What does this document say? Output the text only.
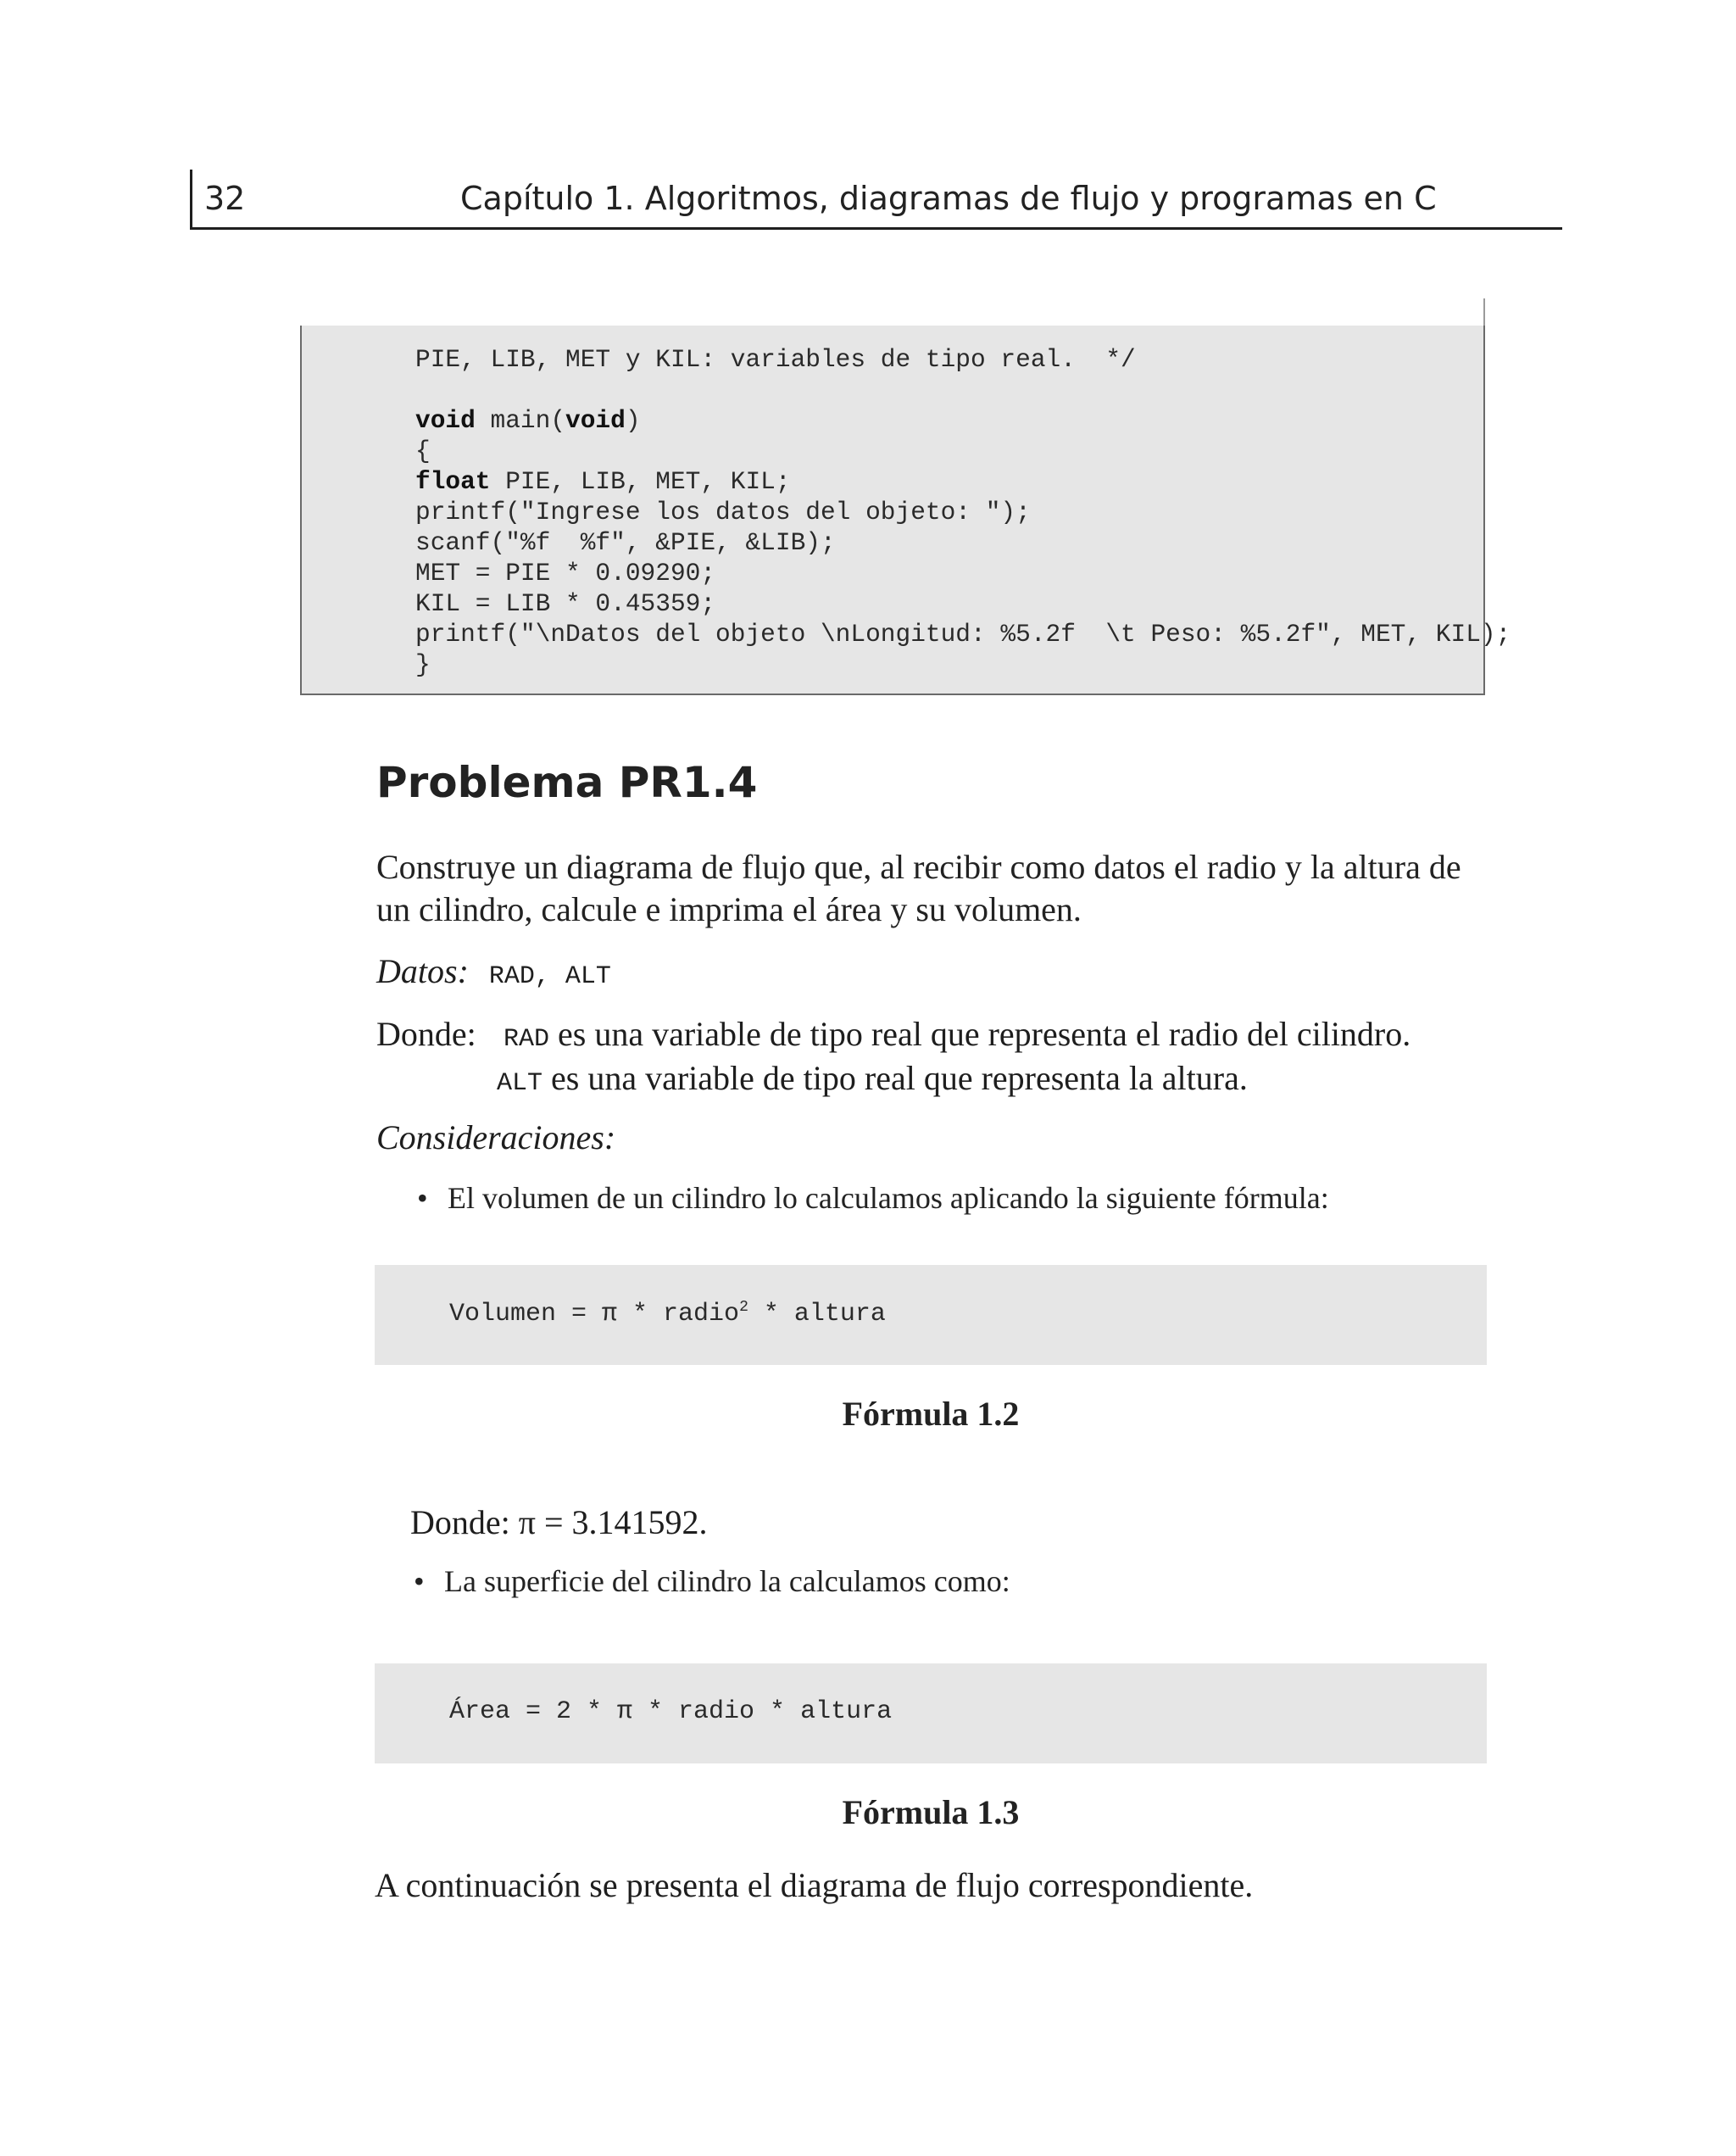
32	Capítulo 1. Algoritmos, diagramas de flujo y programas en C
PIE, LIB, MET y KIL: variables de tipo real.  */
void main(void)
{
float PIE, LIB, MET, KIL;
printf("Ingrese los datos del objeto: ");
scanf("%f  %f", &PIE, &LIB);
MET = PIE * 0.09290;
KIL = LIB * 0.45359;
printf("\nDatos del objeto \nLongitud: %5.2f  \t Peso: %5.2f", MET, KIL);
}
Problema PR1.4

Construye un diagrama de flujo que, al recibir como datos el radio y la altura de un cilindro, calcule e imprima el área y su volumen.

Datos: RAD, ALT
Donde: RAD es una variable de tipo real que representa el radio del cilindro.
ALT es una variable de tipo real que representa la altura.
Consideraciones:
• El volumen de un cilindro lo calculamos aplicando la siguiente fórmula:
Volumen = π * radio$^2$ * altura
Fórmula 1.2
Donde: π = 3.141592.
• La superficie del cilindro la calculamos como:
Área = 2 * π * radio * altura
Fórmula 1.3
A continuación se presenta el diagrama de flujo correspondiente.
